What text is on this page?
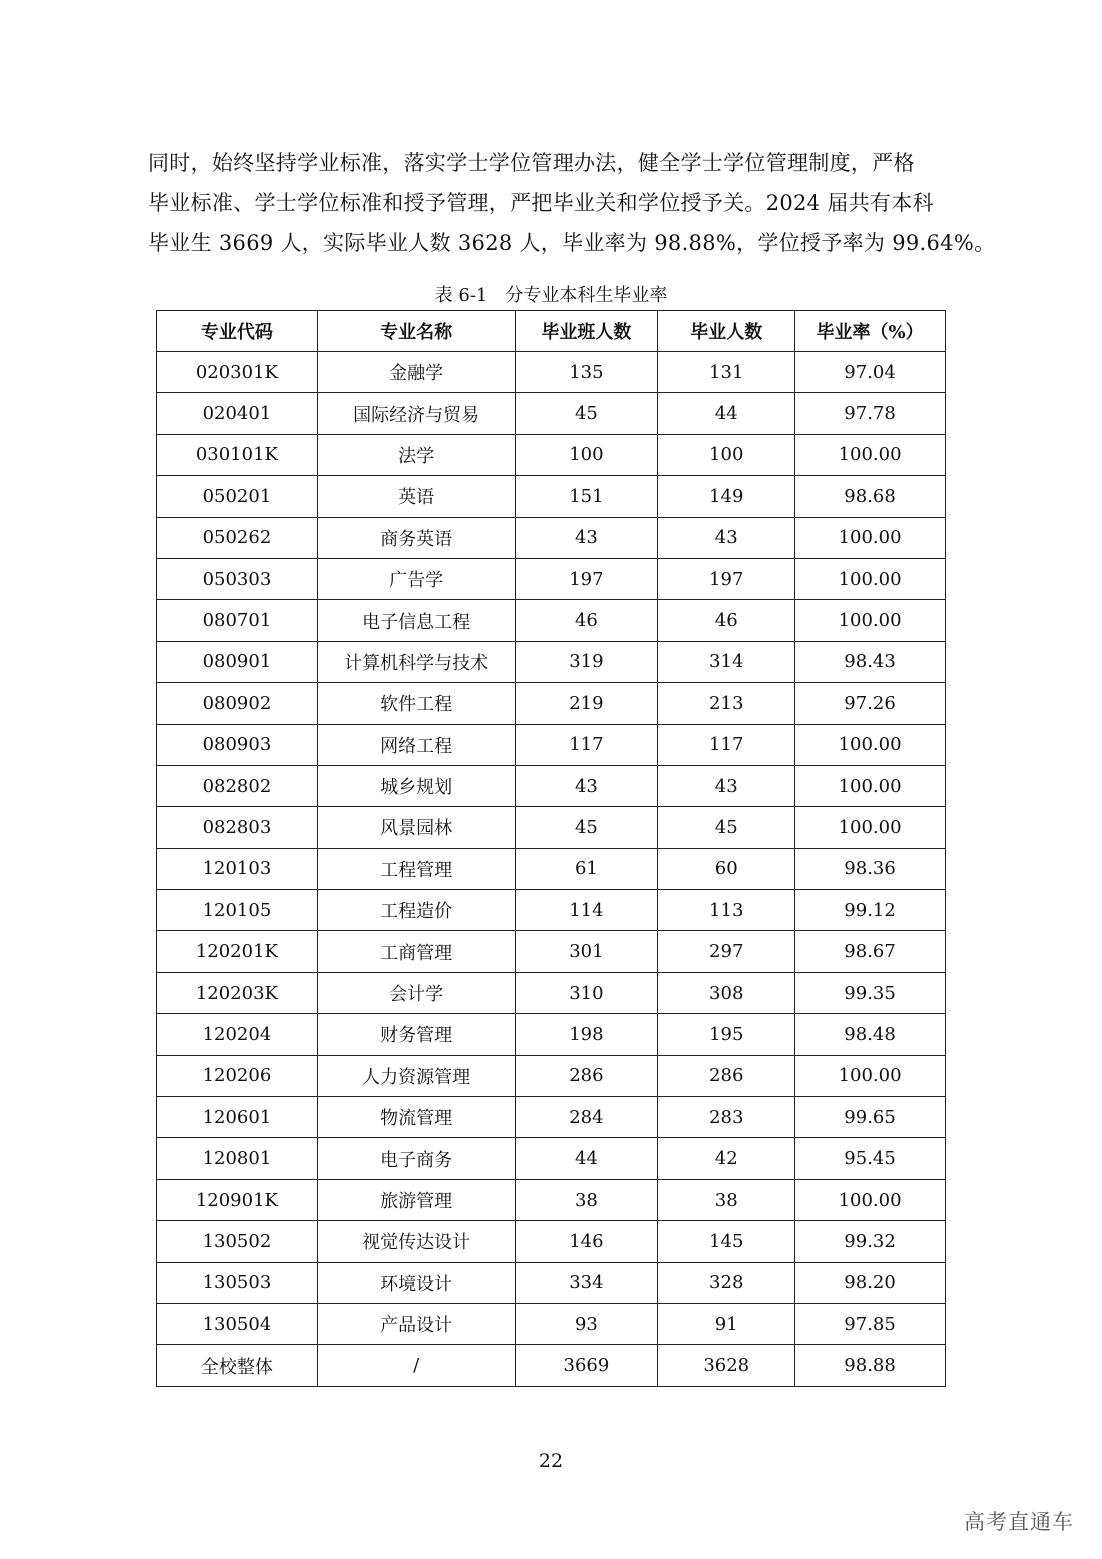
同时，始终坚持学业标准，落实学士学位管理办法，健全学士学位管理制度，严格

毕业标准、学士学位标准和授予管理，严把毕业关和学位授予关。2024 届共有本科

毕业生 3669 人，实际毕业人数 3628 人，毕业率为 98.88%，学位授予率为 99.64%。

表 6-1　分专业本科生毕业率
专业代码	专业名称	毕业班人数	毕业人数	毕业率（%）
020301K	金融学	135	131	97.04
020401	国际经济与贸易	45	44	97.78
030101K	法学	100	100	100.00
050201	英语	151	149	98.68
050262	商务英语	43	43	100.00
050303	广告学	197	197	100.00
080701	电子信息工程	46	46	100.00
080901	计算机科学与技术	319	314	98.43
080902	软件工程	219	213	97.26
080903	网络工程	117	117	100.00
082802	城乡规划	43	43	100.00
082803	风景园林	45	45	100.00
120103	工程管理	61	60	98.36
120105	工程造价	114	113	99.12
120201K	工商管理	301	297	98.67
120203K	会计学	310	308	99.35
120204	财务管理	198	195	98.48
120206	人力资源管理	286	286	100.00
120601	物流管理	284	283	99.65
120801	电子商务	44	42	95.45
120901K	旅游管理	38	38	100.00
130502	视觉传达设计	146	145	99.32
130503	环境设计	334	328	98.20
130504	产品设计	93	91	97.85
全校整体	/	3669	3628	98.88
22
高考直通车
